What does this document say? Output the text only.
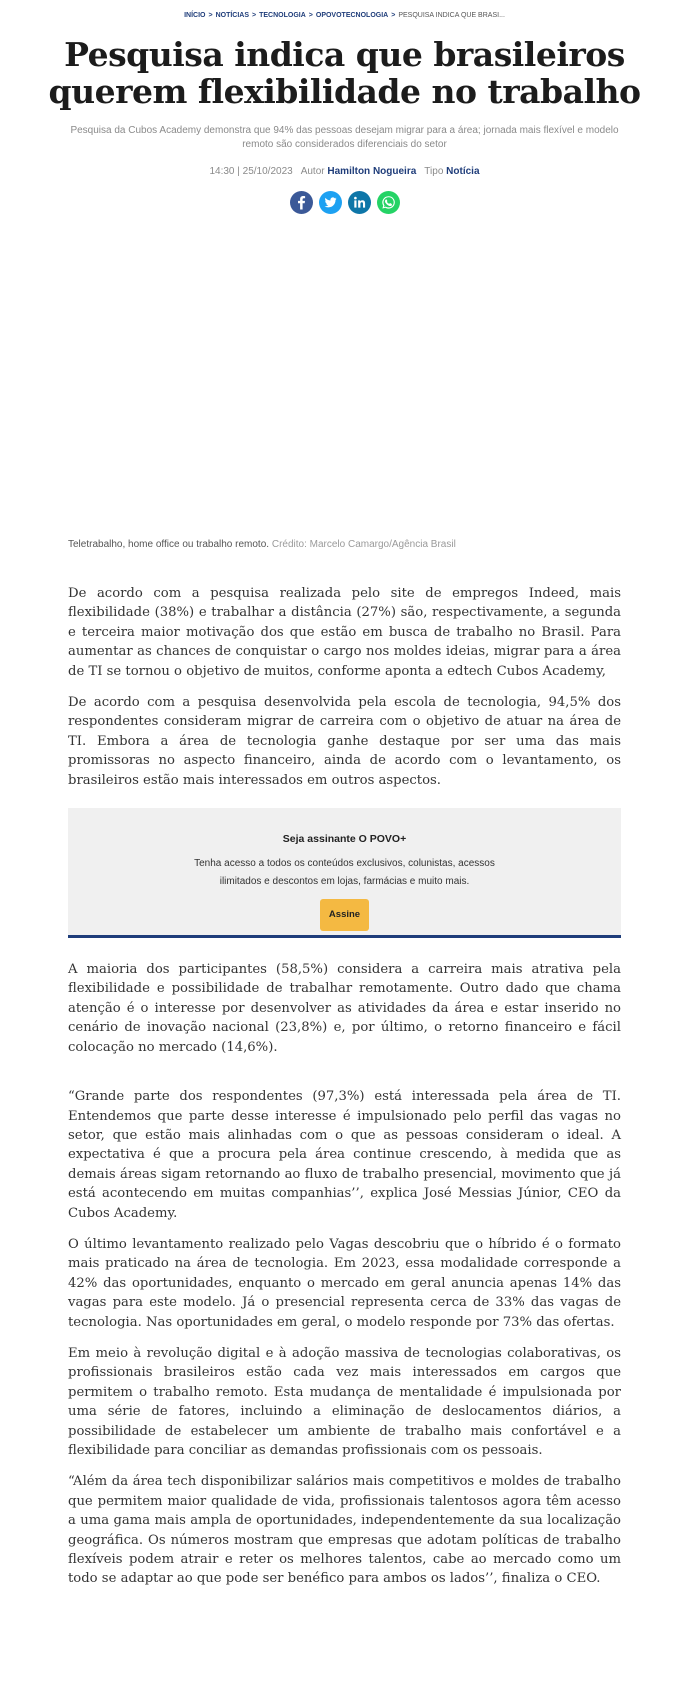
INÍCIO > NOTÍCIAS > TECNOLOGIA > OPOVOTECNOLOGIA > PESQUISA INDICA QUE BRASI...
Pesquisa indica que brasileiros querem flexibilidade no trabalho
Pesquisa da Cubos Academy demonstra que 94% das pessoas desejam migrar para a área; jornada mais flexível e modelo remoto são considerados diferenciais do setor
14:30 | 25/10/2023 Autor Hamilton Nogueira Tipo Notícia
Teletrabalho, home office ou trabalho remoto. Crédito: Marcelo Camargo/Agência Brasil

De acordo com a pesquisa realizada pelo site de empregos Indeed, mais flexibilidade (38%) e trabalhar a distância (27%) são, respectivamente, a segunda e terceira maior motivação dos que estão em busca de trabalho no Brasil. Para aumentar as chances de conquistar o cargo nos moldes ideias, migrar para a área de TI se tornou o objetivo de muitos, conforme aponta a edtech Cubos Academy,

De acordo com a pesquisa desenvolvida pela escola de tecnologia, 94,5% dos respondentes consideram migrar de carreira com o objetivo de atuar na área de TI. Embora a área de tecnologia ganhe destaque por ser uma das mais promissoras no aspecto financeiro, ainda de acordo com o levantamento, os brasileiros estão mais interessados em outros aspectos.

Seja assinante O POVO+
Tenha acesso a todos os conteúdos exclusivos, colunistas, acessos ilimitados e descontos em lojas, farmácias e muito mais.
Assine

A maioria dos participantes (58,5%) considera a carreira mais atrativa pela flexibilidade e possibilidade de trabalhar remotamente. Outro dado que chama atenção é o interesse por desenvolver as atividades da área e estar inserido no cenário de inovação nacional (23,8%) e, por último, o retorno financeiro e fácil colocação no mercado (14,6%).

“Grande parte dos respondentes (97,3%) está interessada pela área de TI. Entendemos que parte desse interesse é impulsionado pelo perfil das vagas no setor, que estão mais alinhadas com o que as pessoas consideram o ideal. A expectativa é que a procura pela área continue crescendo, à medida que as demais áreas sigam retornando ao fluxo de trabalho presencial, movimento que já está acontecendo em muitas companhias’’, explica José Messias Júnior, CEO da Cubos Academy.

O último levantamento realizado pelo Vagas descobriu que o híbrido é o formato mais praticado na área de tecnologia. Em 2023, essa modalidade corresponde a 42% das oportunidades, enquanto o mercado em geral anuncia apenas 14% das vagas para este modelo. Já o presencial representa cerca de 33% das vagas de tecnologia. Nas oportunidades em geral, o modelo responde por 73% das ofertas.

Em meio à revolução digital e à adoção massiva de tecnologias colaborativas, os profissionais brasileiros estão cada vez mais interessados em cargos que permitem o trabalho remoto. Esta mudança de mentalidade é impulsionada por uma série de fatores, incluindo a eliminação de deslocamentos diários, a possibilidade de estabelecer um ambiente de trabalho mais confortável e a flexibilidade para conciliar as demandas profissionais com os pessoais.

“Além da área tech disponibilizar salários mais competitivos e moldes de trabalho que permitem maior qualidade de vida, profissionais talentosos agora têm acesso a uma gama mais ampla de oportunidades, independentemente da sua localização geográfica. Os números mostram que empresas que adotam políticas de trabalho flexíveis podem atrair e reter os melhores talentos, cabe ao mercado como um todo se adaptar ao que pode ser benéfico para ambos os lados’’, finaliza o CEO.
